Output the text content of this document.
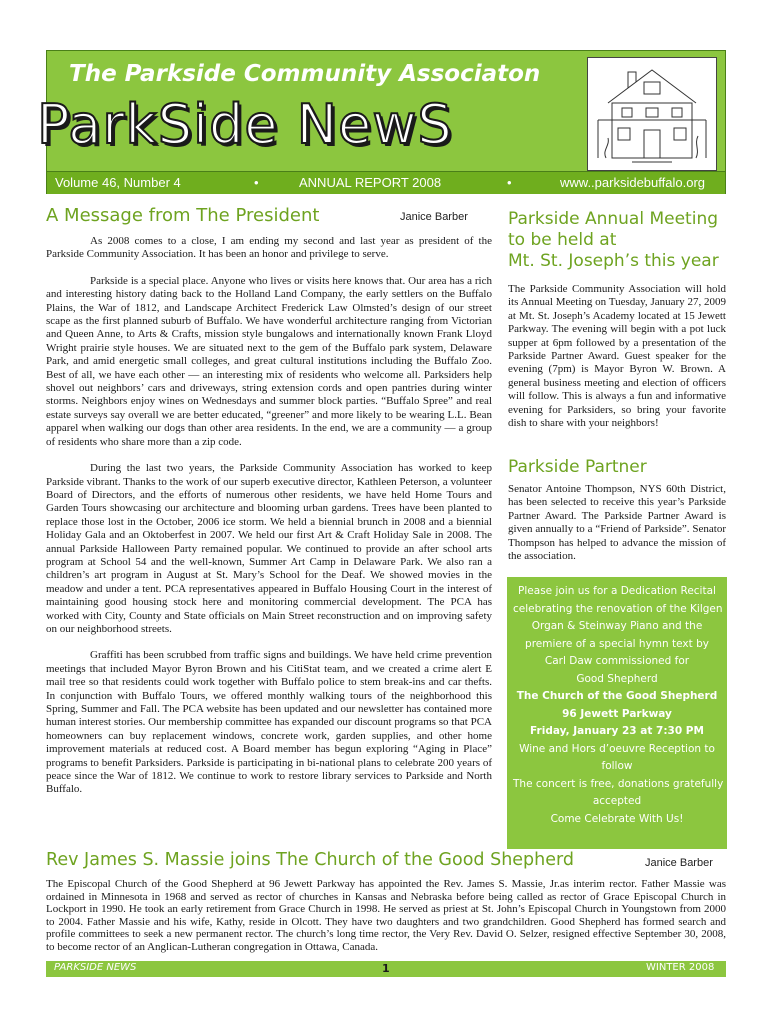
The Parkside Community Associaton
ParkSide NewS
Volume 46, Number 4	•	ANNUAL REPORT 2008	•	www..parksidebuffalo.org
A Message from The President	Janice Barber

As 2008 comes to a close, I am ending my second and last year as president of the Parkside Community Association. It has been an honor and privilege to serve.

Parkside is a special place. Anyone who lives or visits here knows that. Our area has a rich and interesting history dating back to the Holland Land Company, the early settlers on the Buffalo Plains, the War of 1812, and Landscape Architect Frederick Law Olmsted’s design of our street scape as the first planned suburb of Buffalo. We have wonderful architecture ranging from Victorian and Queen Anne, to Arts & Crafts, mission style bungalows and internationally known Frank Lloyd Wright prairie style houses. We are situated next to the gem of the Buffalo park system, Delaware Park, and amid energetic small colleges, and great cultural institutions including the Buffalo Zoo. Best of all, we have each other — an interesting mix of residents who welcome all. Parksiders help shovel out neighbors’ cars and driveways, string extension cords and open pantries during winter storms. Neighbors enjoy wines on Wednesdays and summer block parties. “Buffalo Spree” and real estate surveys say overall we are better educated, “greener” and more likely to be wearing L.L. Bean apparel when walking our dogs than other area residents. In the end, we are a community — a group of residents who share more than a zip code.

During the last two years, the Parkside Community Association has worked to keep Parkside vibrant. Thanks to the work of our superb executive director, Kathleen Peterson, a volunteer Board of Directors, and the efforts of numerous other residents, we have held Home Tours and Garden Tours showcasing our architecture and blooming urban gardens. Trees have been planted to replace those lost in the October, 2006 ice storm. We held a biennial brunch in 2008 and a biennial Holiday Gala and an Oktoberfest in 2007. We held our first Art & Craft Holiday Sale in 2008. The annual Parkside Halloween Party remained popular. We continued to provide an after school arts program at School 54 and the well-known, Summer Art Camp in Delaware Park. We also ran a children’s art program in August at St. Mary’s School for the Deaf. We showed movies in the meadow and under a tent. PCA representatives appeared in Buffalo Housing Court in the interest of maintaining good housing stock here and monitoring commercial development. The PCA has worked with City, County and State officials on Main Street reconstruction and on improving safety on our neighborhood streets.

Graffiti has been scrubbed from traffic signs and buildings. We have held crime prevention meetings that included Mayor Byron Brown and his CitiStat team, and we created a crime alert E mail tree so that residents could work together with Buffalo police to stem break-ins and car thefts. In conjunction with Buffalo Tours, we offered monthly walking tours of the neighborhood this Spring, Summer and Fall. The PCA website has been updated and our newsletter has contained more human interest stories. Our membership committee has expanded our discount programs so that PCA homeowners can buy replacement windows, concrete work, garden supplies, and other home improvement materials at reduced cost. A Board member has begun exploring “Aging in Place” programs to benefit Parksiders. Parkside is participating in bi-national plans to celebrate 200 years of peace since the War of 1812. We continue to work to restore library services to Parkside and North Buffalo.

Parkside Annual Meeting
to be held at
Mt. St. Joseph’s this year
The Parkside Community Association will hold its Annual Meeting on Tuesday, January 27, 2009 at Mt. St. Joseph’s Academy located at 15 Jewett Parkway. The evening will begin with a pot luck supper at 6pm followed by a presentation of the Parkside Partner Award. Guest speaker for the evening (7pm) is Mayor Byron W. Brown. A general business meeting and election of officers will follow. This is always a fun and informative evening for Parksiders, so bring your favorite dish to share with your neighbors!
Parkside Partner
Senator Antoine Thompson, NYS 60th District, has been selected to receive this year’s Parkside Partner Award. The Parkside Partner Award is given annually to a “Friend of Parkside”. Senator Thompson has helped to advance the mission of the association.
Please join us for a Dedication Recital
celebrating the renovation of the Kilgen
Organ & Steinway Piano and the
premiere of a special hymn text by
Carl Daw commissioned for
Good Shepherd
The Church of the Good Shepherd
96 Jewett Parkway
Friday, January 23 at 7:30 PM
Wine and Hors d’oeuvre Reception to
follow
The concert is free, donations gratefully
accepted
Come Celebrate With Us!
Rev James S. Massie joins The Church of the Good Shepherd	Janice Barber
The Episcopal Church of the Good Shepherd at 96 Jewett Parkway has appointed the Rev. James S. Massie, Jr.as interim rector. Father Massie was ordained in Minnesota in 1968 and served as rector of churches in Kansas and Nebraska before being called as rector of Grace Episcopal Church in Lockport in 1990. He took an early retirement from Grace Church in 1998. He served as priest at St. John’s Episcopal Church in Youngstown from 2000 to 2004. Father Massie and his wife, Kathy, reside in Olcott. They have two daughters and two grandchildren. Good Shepherd has formed search and profile committees to seek a new permanent rector. The church’s long time rector, the Very Rev. David O. Selzer, resigned effective September 30, 2008, to become rector of an Anglican-Lutheran congregation in Ottawa, Canada.
PARKSIDE NEWS	1	WINTER 2008
